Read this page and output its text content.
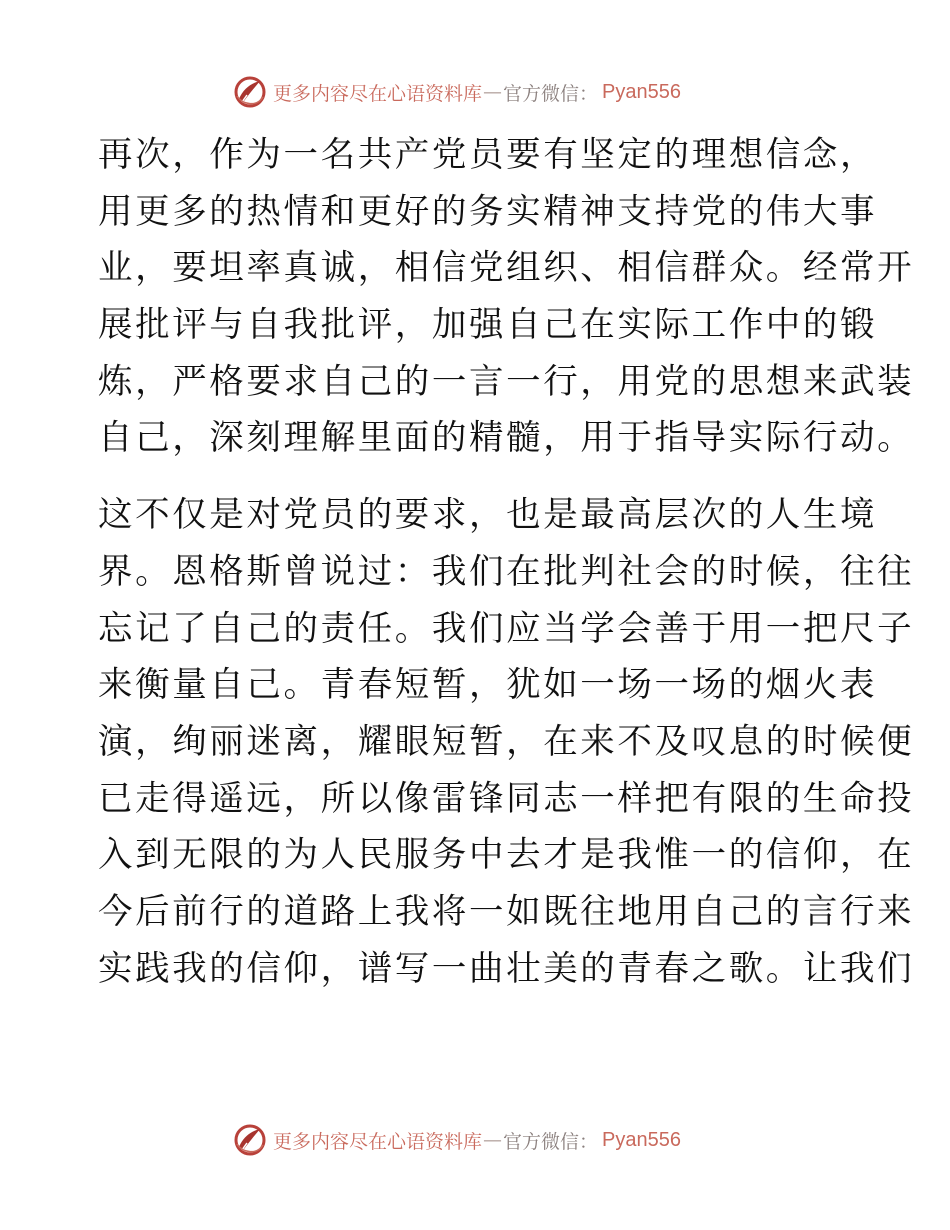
更多内容尽在心语资料库 — 官方微信： Pyan556

再次，作为一名共产党员要有坚定的理想信念，
用更多的热情和更好的务实精神支持党的伟大事
业，要坦率真诚，相信党组织、相信群众。经常开
展批评与自我批评，加强自己在实际工作中的锻
炼，严格要求自己的一言一行，用党的思想来武装
自己，深刻理解里面的精髓，用于指导实际行动。

这不仅是对党员的要求，也是最高层次的人生境
界。恩格斯曾说过：我们在批判社会的时候，往往
忘记了自己的责任。我们应当学会善于用一把尺子
来衡量自己。青春短暂，犹如一场一场的烟火表
演，绚丽迷离，耀眼短暂，在来不及叹息的时候便
已走得遥远，所以像雷锋同志一样把有限的生命投
入到无限的为人民服务中去才是我惟一的信仰，在
今后前行的道路上我将一如既往地用自己的言行来
实践我的信仰，谱写一曲壮美的青春之歌。让我们

更多内容尽在心语资料库 — 官方微信： Pyan556
